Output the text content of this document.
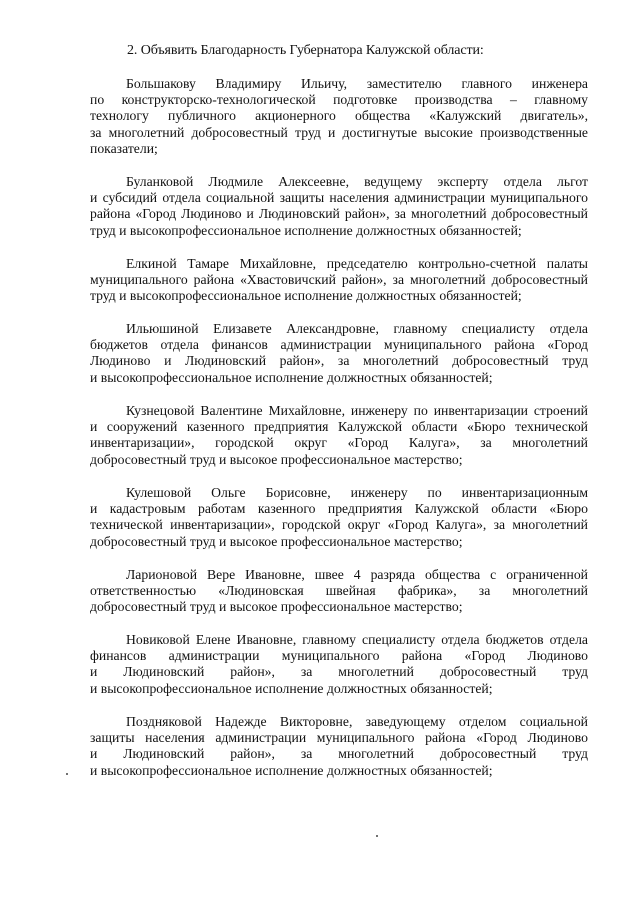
2. Объявить Благодарность Губернатора Калужской области:
Большакову Владимиру Ильичу, заместителю главного инженера
по конструкторско-технологической подготовке производства – главному
технологу публичного акционерного общества «Калужский двигатель»,
за многолетний добросовестный труд и достигнутые высокие производственные
показатели;
Буланковой Людмиле Алексеевне, ведущему эксперту отдела льгот
и субсидий отдела социальной защиты населения администрации муниципального
района «Город Людиново и Людиновский район», за многолетний добросовестный
труд и высокопрофессиональное исполнение должностных обязанностей;
Елкиной Тамаре Михайловне, председателю контрольно-счетной палаты
муниципального района «Хвастовичский район», за многолетний добросовестный
труд и высокопрофессиональное исполнение должностных обязанностей;
Ильюшиной Елизавете Александровне, главному специалисту отдела
бюджетов отдела финансов администрации муниципального района «Город
Людиново и Людиновский район», за многолетний добросовестный труд
и высокопрофессиональное исполнение должностных обязанностей;
Кузнецовой Валентине Михайловне, инженеру по инвентаризации строений
и сооружений казенного предприятия Калужской области «Бюро технической
инвентаризации», городской округ «Город Калуга», за многолетний
добросовестный труд и высокое профессиональное мастерство;
Кулешовой Ольге Борисовне, инженеру по инвентаризационным
и кадастровым работам казенного предприятия Калужской области «Бюро
технической инвентаризации», городской округ «Город Калуга», за многолетний
добросовестный труд и высокое профессиональное мастерство;
Ларионовой Вере Ивановне, швее 4 разряда общества с ограниченной
ответственностью «Людиновская швейная фабрика», за многолетний
добросовестный труд и высокое профессиональное мастерство;
Новиковой Елене Ивановне, главному специалисту отдела бюджетов отдела
финансов администрации муниципального района «Город Людиново
и Людиновский район», за многолетний добросовестный труд
и высокопрофессиональное исполнение должностных обязанностей;
Поздняковой Надежде Викторовне, заведующему отделом социальной
защиты населения администрации муниципального района «Город Людиново
и Людиновский район», за многолетний добросовестный труд
и высокопрофессиональное исполнение должностных обязанностей;
